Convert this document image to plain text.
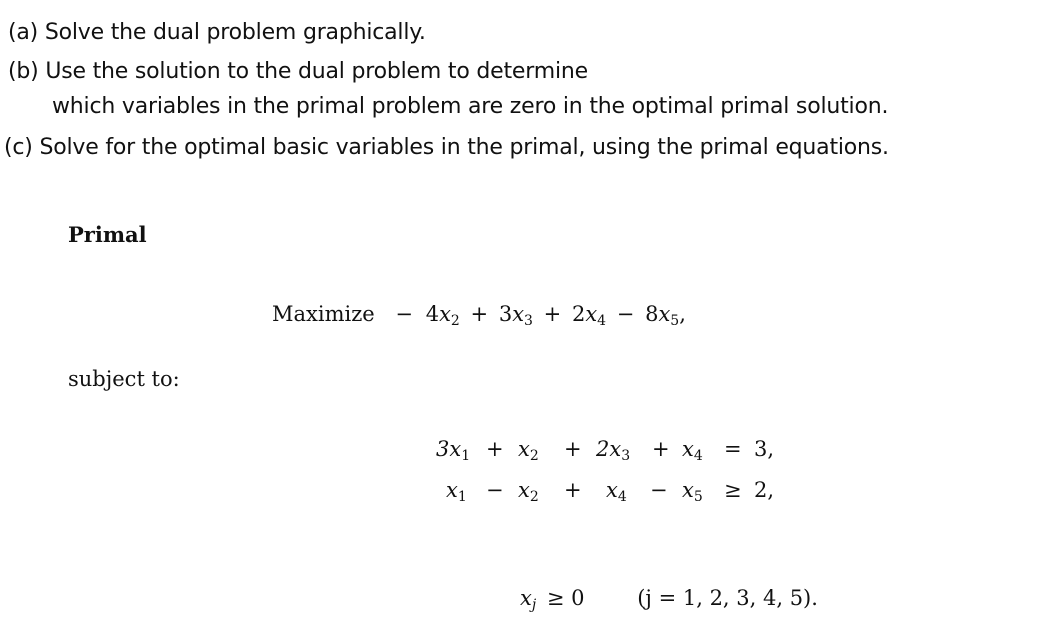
(a) Solve the dual problem graphically.
(b) Use the solution to the dual problem to determine
which variables in the primal problem are zero in the optimal primal solution.
(c) Solve for the optimal basic variables in the primal, using the primal equations.
Primal
Maximize − $4x_2 + 3x_3 + 2x_4 - 8x_5$,
subject to:
$3x_1 + x_2 + 2x_3 + x_4 = 3$,
$x_1 - x_2 + x_4 - x_5 \ge 2$,
$x_j \ge 0$	(j = 1, 2, 3, 4, 5).
